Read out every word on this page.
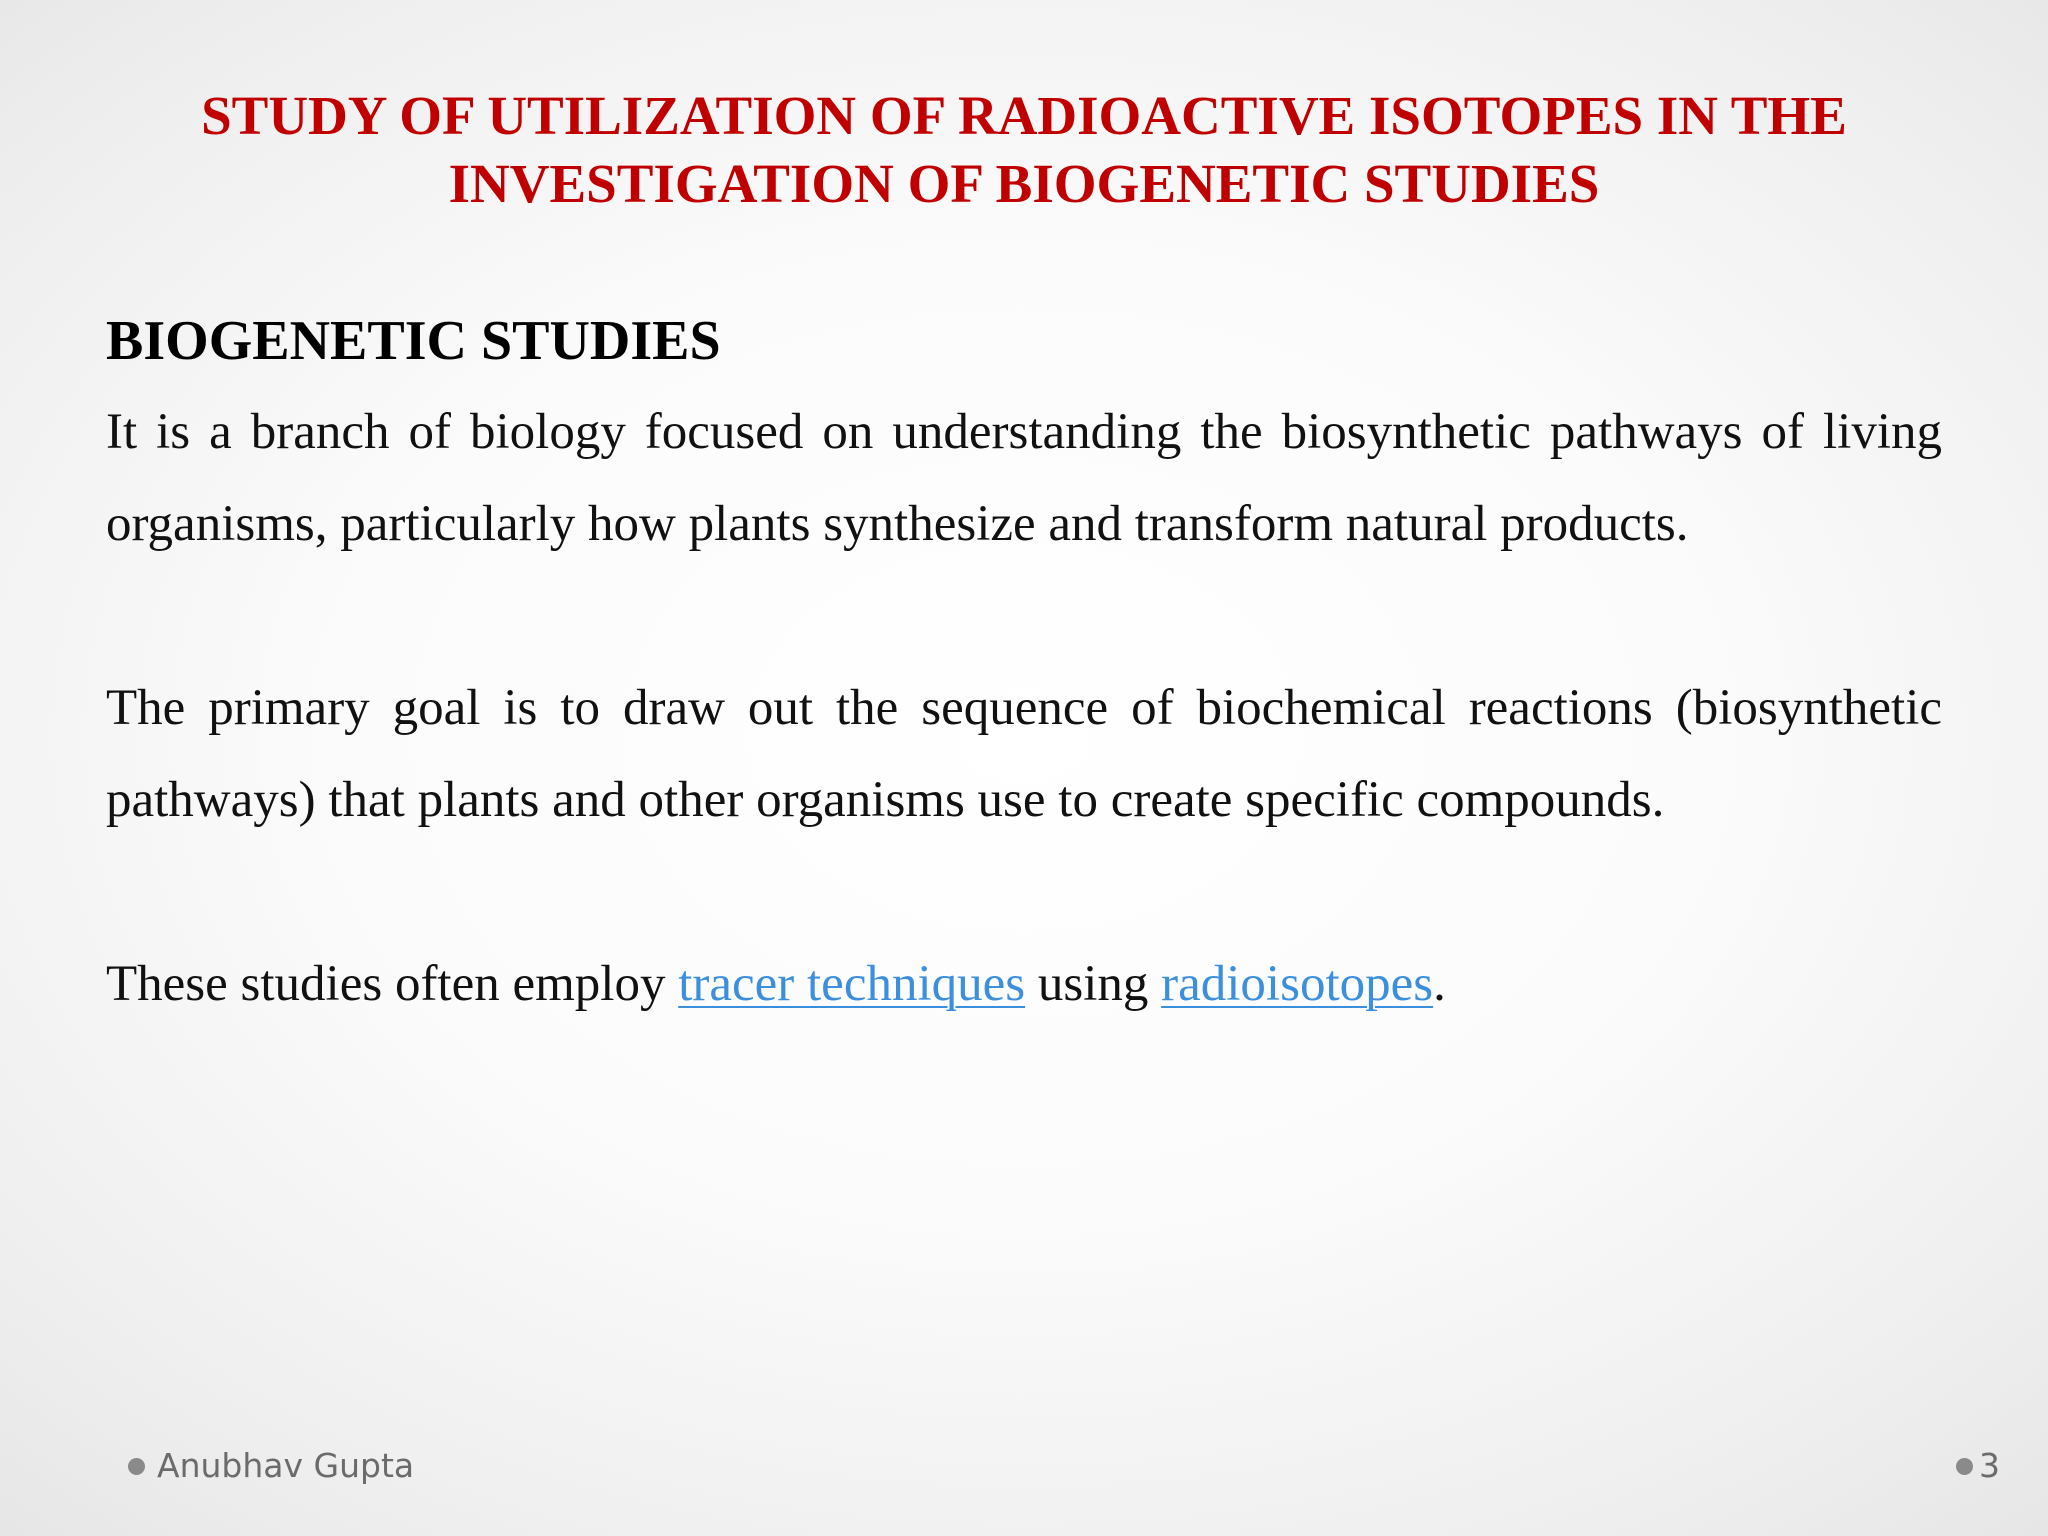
STUDY OF UTILIZATION OF RADIOACTIVE ISOTOPES IN THE INVESTIGATION OF BIOGENETIC STUDIES
BIOGENETIC STUDIES

It is a branch of biology focused on understanding the biosynthetic pathways of living organisms, particularly how plants synthesize and transform natural products.

The primary goal is to draw out the sequence of biochemical reactions (biosynthetic pathways) that plants and other organisms use to create specific compounds.

These studies often employ tracer techniques using radioisotopes.

Anubhav Gupta	3
